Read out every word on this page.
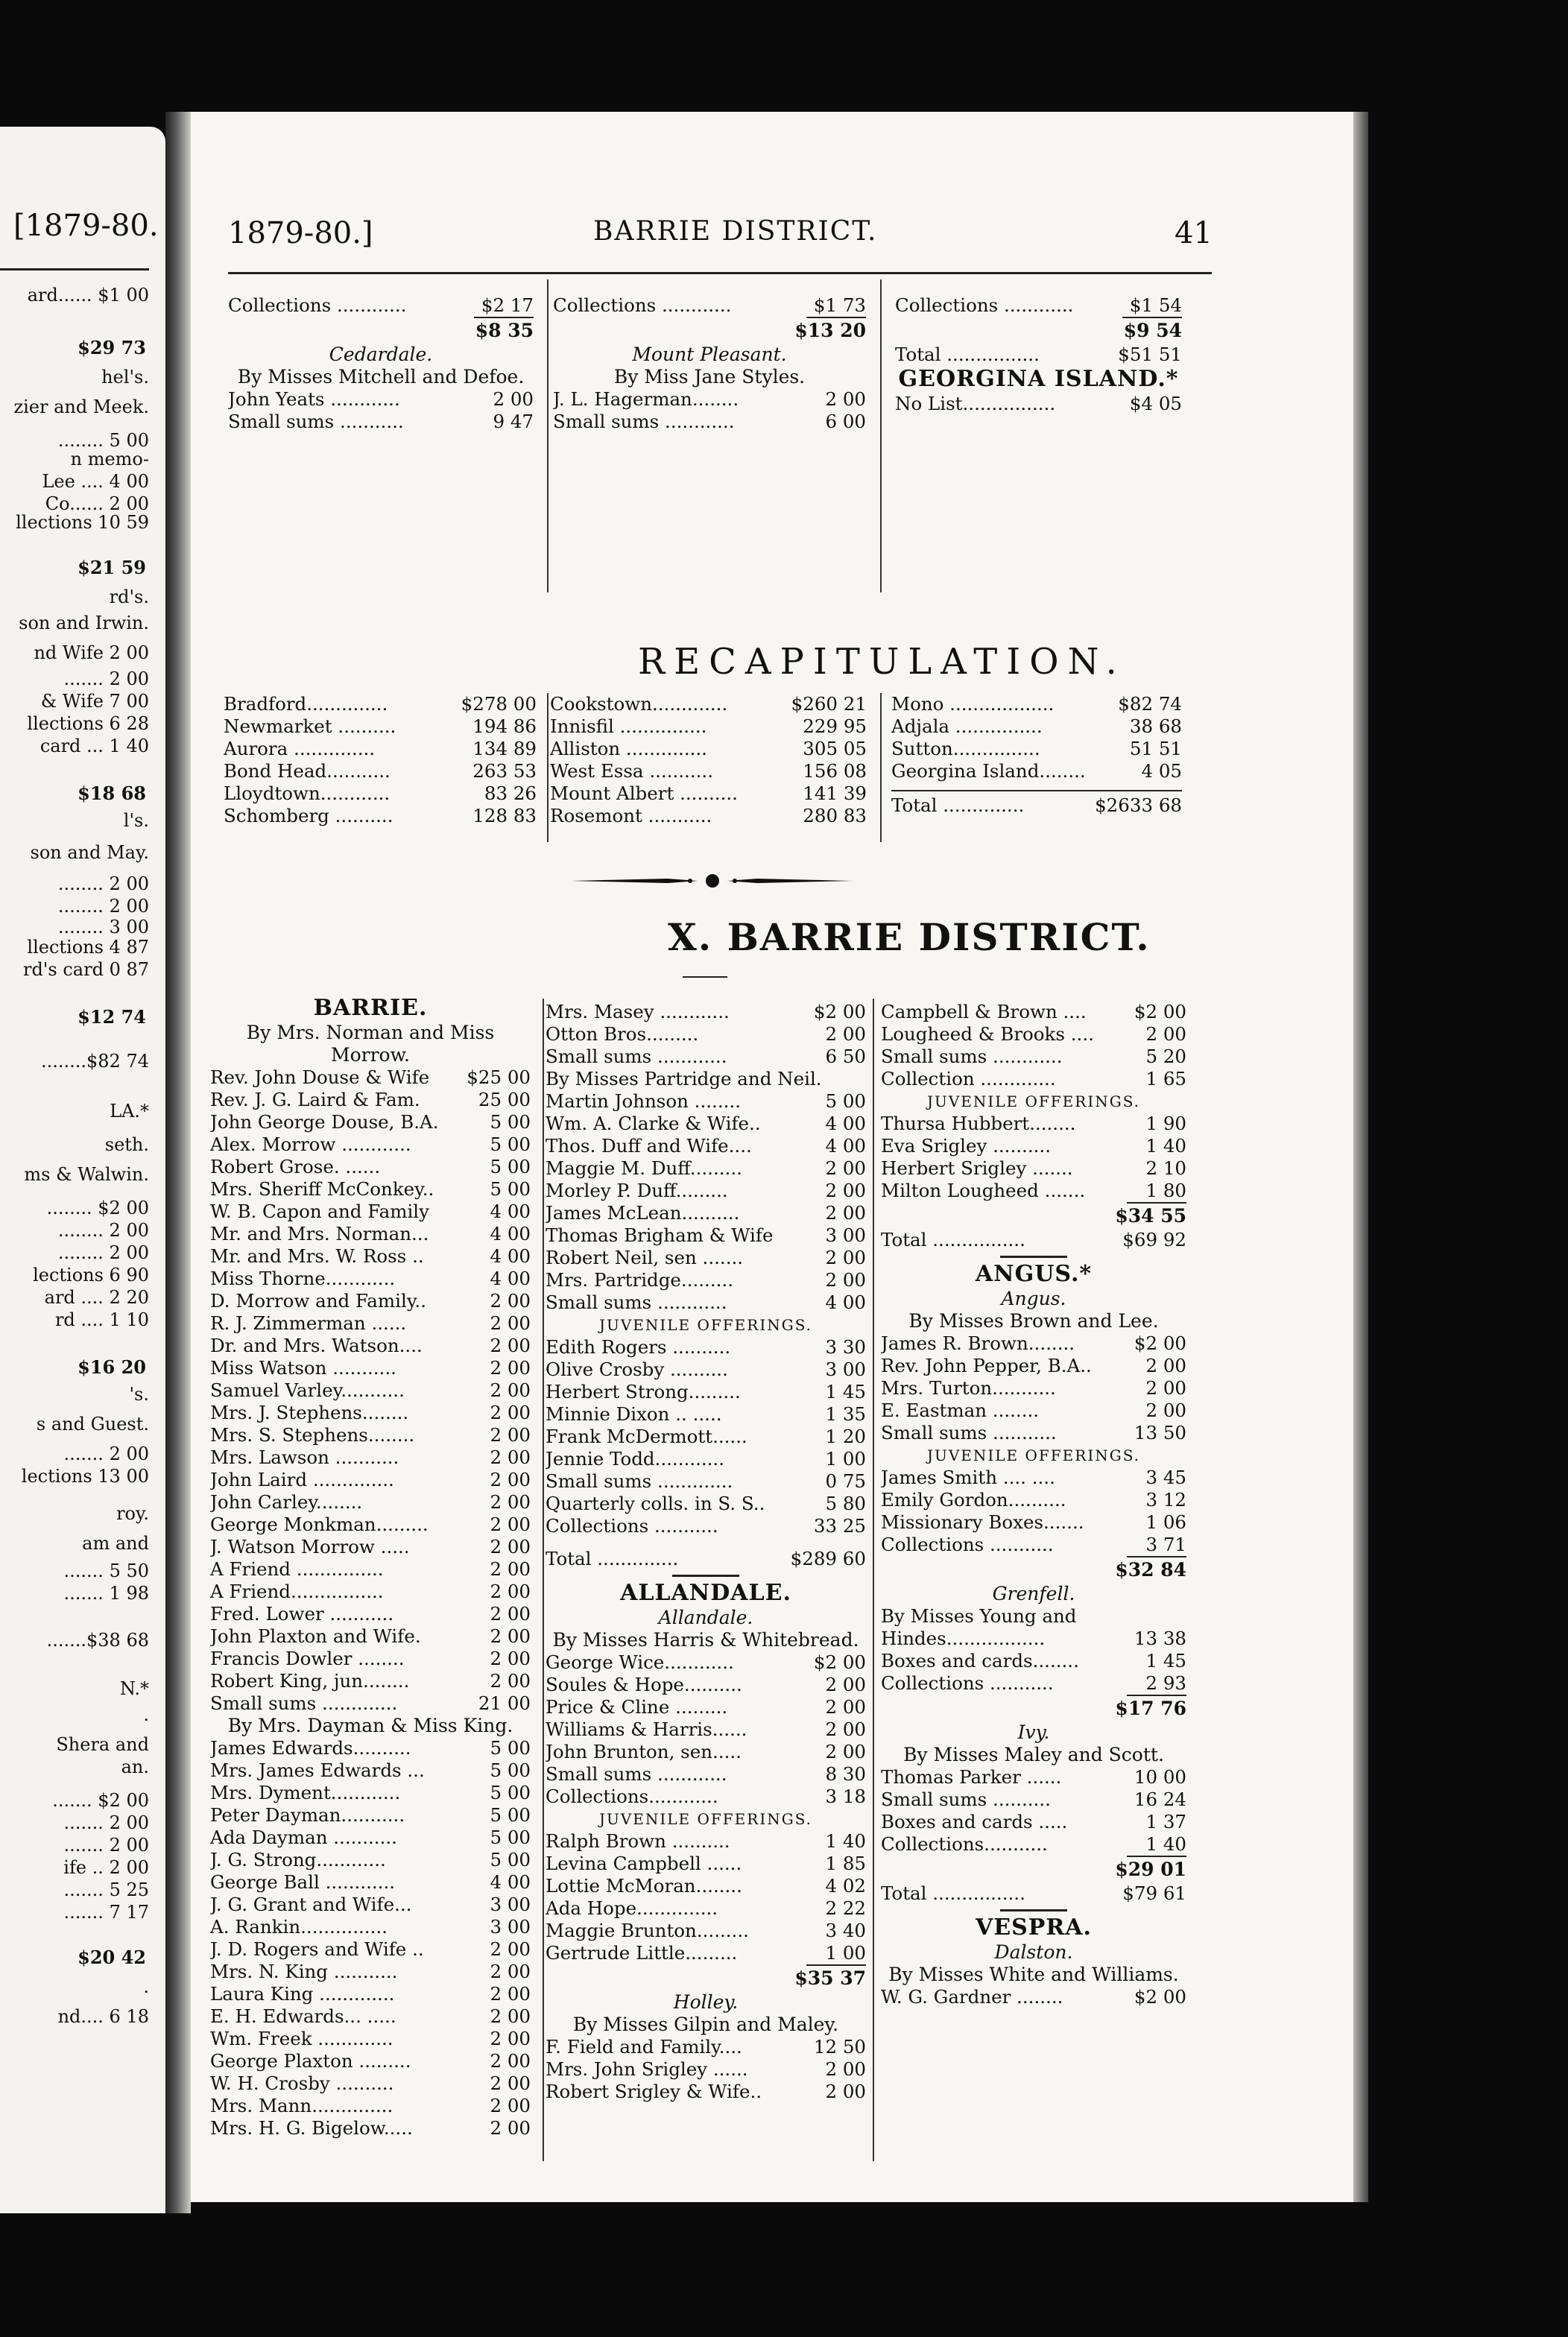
[1879-80.
ard...... $1 00
$29 73
hel's.
zier and Meek.
........ 5 00
n memo-
Lee .... 4 00
Co...... 2 00
llections 10 59
$21 59
rd's.
son and Irwin.
nd Wife 2 00
....... 2 00
& Wife 7 00
llections 6 28
card ... 1 40
$18 68
l's.
son and May.
........ 2 00
........ 2 00
........ 3 00
llections 4 87
rd's card 0 87
$12 74
........$82 74
LA.*
seth.
ms & Walwin.
........ $2 00
........ 2 00
........ 2 00
lections 6 90
ard .... 2 20
rd .... 1 10
$16 20
's.
s and Guest.
....... 2 00
lections 13 00
roy.
am and
....... 5 50
....... 1 98
.......$38 68
N.*
.
Shera and
an.
....... $2 00
....... 2 00
....... 2 00
ife .. 2 00
....... 5 25
....... 7 17
$20 42
.
nd.... 6 18
1879-80.]	BARRIE DISTRICT.	41
Collections ............	$2 17
$8 35
Cedardale.
By Misses Mitchell and Defoe.
John Yeats ............	2 00
Small sums ...........	9 47
Collections ............	$1 73
$13 20
Mount Pleasant.
By Miss Jane Styles.
J. L. Hagerman........	2 00
Small sums ............	6 00
Collections ............	$1 54
$9 54
Total ................	$51 51
GEORGINA ISLAND.*
No List................	$4 05
RECAPITULATION.
Bradford..............	$278 00
Newmarket ..........	194 86
Aurora ..............	134 89
Bond Head...........	263 53
Lloydtown............	83 26
Schomberg ..........	128 83
Cookstown.............	$260 21
Innisfil ...............	229 95
Alliston ..............	305 05
West Essa ...........	156 08
Mount Albert ..........	141 39
Rosemont ...........	280 83
Mono ..................	$82 74
Adjala ...............	38 68
Sutton...............	51 51
Georgina Island........	4 05
Total ..............	$2633 68
X. BARRIE DISTRICT.
BARRIE.
By Mrs. Norman and Miss
Morrow.
Rev. John Douse & Wife $25 00
Rev. J. G. Laird & Fam.	25 00
John George Douse, B.A.	5 00
Alex. Morrow ............	5 00
Robert Grose. ......	5 00
Mrs. Sheriff McConkey..	5 00
W. B. Capon and Family	4 00
Mr. and Mrs. Norman...	4 00
Mr. and Mrs. W. Ross ..	4 00
Miss Thorne............	4 00
D. Morrow and Family..	2 00
R. J. Zimmerman ......	2 00
Dr. and Mrs. Watson....	2 00
Miss Watson ...........	2 00
Samuel Varley...........	2 00
Mrs. J. Stephens........	2 00
Mrs. S. Stephens........	2 00
Mrs. Lawson ...........	2 00
John Laird ..............	2 00
John Carley........	2 00
George Monkman.........	2 00
J. Watson Morrow .....	2 00
A Friend ...............	2 00
A Friend................	2 00
Fred. Lower ...........	2 00
John Plaxton and Wife.	2 00
Francis Dowler ........	2 00
Robert King, jun........	2 00
Small sums .............	21 00
By Mrs. Dayman & Miss King.
James Edwards..........	5 00
Mrs. James Edwards ...	5 00
Mrs. Dyment............	5 00
Peter Dayman...........	5 00
Ada Dayman ...........	5 00
J. G. Strong............	5 00
George Ball ............	4 00
J. G. Grant and Wife...	3 00
A. Rankin...............	3 00
J. D. Rogers and Wife ..	2 00
Mrs. N. King ...........	2 00
Laura King .............	2 00
E. H. Edwards... .....	2 00
Wm. Freek .............	2 00
George Plaxton .........	2 00
W. H. Crosby ..........	2 00
Mrs. Mann..............	2 00
Mrs. H. G. Bigelow.....	2 00
Mrs. Masey ............	$2 00
Otton Bros.........	2 00
Small sums ............	6 50
By Misses Partridge and Neil.
Martin Johnson ........	5 00
Wm. A. Clarke & Wife..	4 00
Thos. Duff and Wife....	4 00
Maggie M. Duff.........	2 00
Morley P. Duff.........	2 00
James McLean..........	2 00
Thomas Brigham & Wife	3 00
Robert Neil, sen .......	2 00
Mrs. Partridge.........	2 00
Small sums ............	4 00
JUVENILE OFFERINGS.
Edith Rogers ..........	3 30
Olive Crosby ..........	3 00
Herbert Strong.........	1 45
Minnie Dixon .. .....	1 35
Frank McDermott......	1 20
Jennie Todd............	1 00
Small sums .............	0 75
Quarterly colls. in S. S..	5 80
Collections ...........	33 25
Total ..............	$289 60
ALLANDALE.
Allandale.
By Misses Harris & Whitebread.
George Wice............	$2 00
Soules & Hope..........	2 00
Price & Cline .........	2 00
Williams & Harris......	2 00
John Brunton, sen.....	2 00
Small sums ............	8 30
Collections............	3 18
JUVENILE OFFERINGS.
Ralph Brown ..........	1 40
Levina Campbell ......	1 85
Lottie McMoran........	4 02
Ada Hope..............	2 22
Maggie Brunton.........	3 40
Gertrude Little.........	1 00
$35 37
Holley.
By Misses Gilpin and Maley.
F. Field and Family....	12 50
Mrs. John Srigley ......	2 00
Robert Srigley & Wife..	2 00
Campbell & Brown ....	$2 00
Lougheed & Brooks ....	2 00
Small sums ............	5 20
Collection .............	1 65
JUVENILE OFFERINGS.
Thursa Hubbert........	1 90
Eva Srigley ..........	1 40
Herbert Srigley .......	2 10
Milton Lougheed .......	1 80
$34 55
Total ................	$69 92
ANGUS.*
Angus.
By Misses Brown and Lee.
James R. Brown........	$2 00
Rev. John Pepper, B.A..	2 00
Mrs. Turton...........	2 00
E. Eastman ........	2 00
Small sums ...........	13 50
JUVENILE OFFERINGS.
James Smith .... ....	3 45
Emily Gordon..........	3 12
Missionary Boxes.......	1 06
Collections ...........	3 71
$32 84
Grenfell.
By Misses Young and
Hindes.................	13 38
Boxes and cards........	1 45
Collections ...........	2 93
$17 76
Ivy.
By Misses Maley and Scott.
Thomas Parker ......	10 00
Small sums ..........	16 24
Boxes and cards .....	1 37
Collections...........	1 40
$29 01
Total ................	$79 61
VESPRA.
Dalston.
By Misses White and Williams.
W. G. Gardner ........	$2 00
